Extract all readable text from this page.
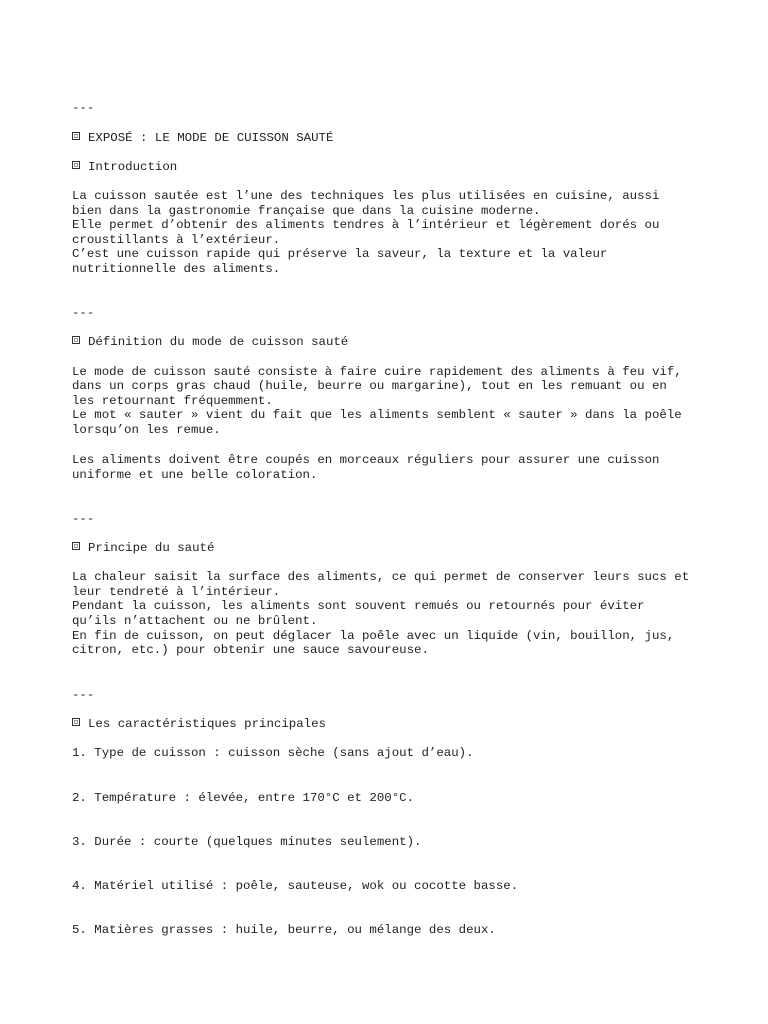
---
EXPOSÉ : LE MODE DE CUISSON SAUTÉ
Introduction
La cuisson sautée est l’une des techniques les plus utilisées en cuisine, aussi
bien dans la gastronomie française que dans la cuisine moderne.
Elle permet d’obtenir des aliments tendres à l’intérieur et légèrement dorés ou
croustillants à l’extérieur.
C’est une cuisson rapide qui préserve la saveur, la texture et la valeur
nutritionnelle des aliments.
---
Définition du mode de cuisson sauté
Le mode de cuisson sauté consiste à faire cuire rapidement des aliments à feu vif,
dans un corps gras chaud (huile, beurre ou margarine), tout en les remuant ou en
les retournant fréquemment.
Le mot « sauter » vient du fait que les aliments semblent « sauter » dans la poêle
lorsqu’on les remue.
Les aliments doivent être coupés en morceaux réguliers pour assurer une cuisson
uniforme et une belle coloration.
---
Principe du sauté
La chaleur saisit la surface des aliments, ce qui permet de conserver leurs sucs et
leur tendreté à l’intérieur.
Pendant la cuisson, les aliments sont souvent remués ou retournés pour éviter
qu’ils n’attachent ou ne brûlent.
En fin de cuisson, on peut déglacer la poêle avec un liquide (vin, bouillon, jus,
citron, etc.) pour obtenir une sauce savoureuse.
---
Les caractéristiques principales
1. Type de cuisson : cuisson sèche (sans ajout d’eau).
2. Température : élevée, entre 170°C et 200°C.
3. Durée : courte (quelques minutes seulement).
4. Matériel utilisé : poêle, sauteuse, wok ou cocotte basse.
5. Matières grasses : huile, beurre, ou mélange des deux.
